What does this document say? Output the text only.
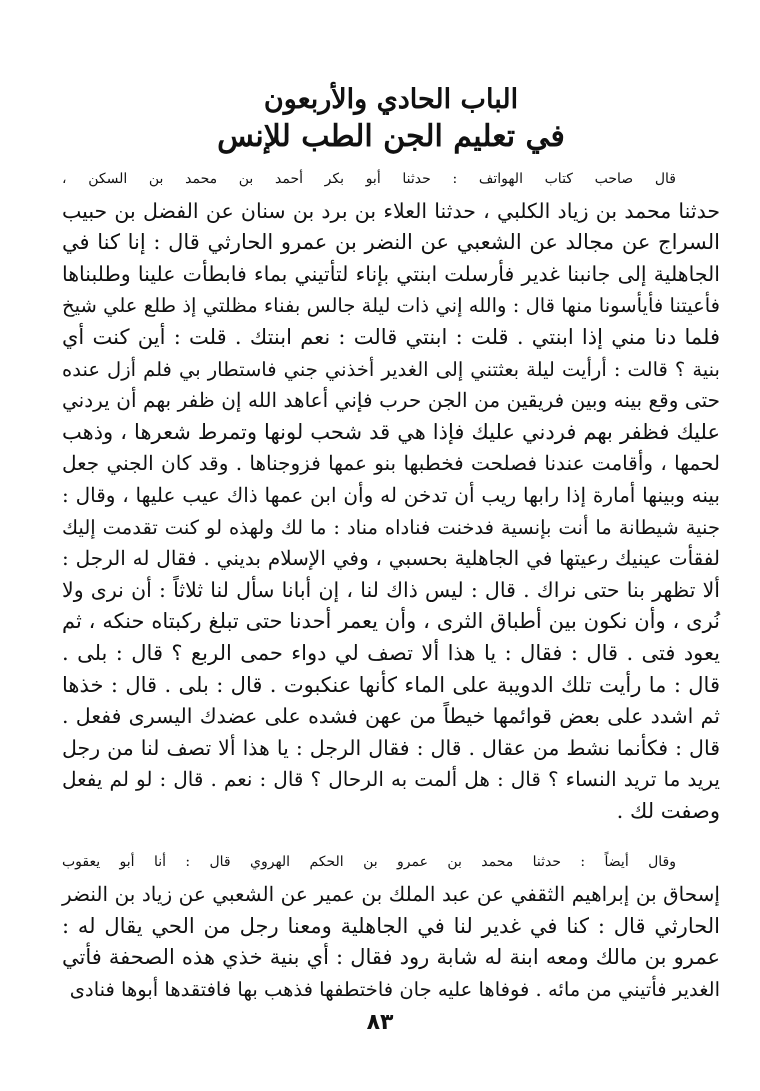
الباب الحادي والأربعون
في تعليم الجن الطب للإنس
قال صاحب كتاب الهواتف : حدثنا أبو بكر أحمد بن محمد بن السكن ،
حدثنا محمد بن زياد الكلبي ، حدثنا العلاء بن برد بن سنان عن الفضل بن حبيب
السراج عن مجالد عن الشعبي عن النضر بن عمرو الحارثي قال : إنا كنا في
الجاهلية إلى جانبنا غدير فأرسلت ابنتي بإناء لتأتيني بماء فابطأت علينا وطلبناها
فأعيتنا فأيأسونا منها قال : والله إني ذات ليلة جالس بفناء مظلتي إذ طلع علي شيخ
فلما دنا مني إذا ابنتي . قلت : ابنتي قالت : نعم ابنتك . قلت : أين كنت أي
بنية ؟ قالت : أرأيت ليلة بعثتني إلى الغدير أخذني جني فاستطار بي فلم أزل عنده
حتى وقع بينه وبين فريقين من الجن حرب فإني أعاهد الله إن ظفر بهم أن يردني
عليك فظفر بهم فردني عليك فإذا هي قد شحب لونها وتمرط شعرها ، وذهب
لحمها ، وأقامت عندنا فصلحت فخطبها بنو عمها فزوجناها . وقد كان الجني جعل
بينه وبينها أمارة إذا رابها ريب أن تدخن له وأن ابن عمها ذاك عيب عليها ، وقال :
جنية شيطانة ما أنت بإنسية فدخنت فناداه مناد : ما لك ولهذه لو كنت تقدمت إليك
لفقأت عينيك رعيتها في الجاهلية بحسبي ، وفي الإسلام بديني . فقال له الرجل :
ألا تظهر بنا حتى نراك . قال : ليس ذاك لنا ، إن أبانا سأل لنا ثلاثاً : أن نرى ولا
نُرى ، وأن نكون بين أطباق الثرى ، وأن يعمر أحدنا حتى تبلغ ركبتاه حنكه ، ثم
يعود فتى . قال : فقال : يا هذا ألا تصف لي دواء حمى الربع ؟ قال : بلى .
قال : ما رأيت تلك الدويبة على الماء كأنها عنكبوت . قال : بلى . قال : خذها
ثم اشدد على بعض قوائمها خيطاً من عهن فشده على عضدك اليسرى ففعل .
قال : فكأنما نشط من عقال . قال : فقال الرجل : يا هذا ألا تصف لنا من رجل
يريد ما تريد النساء ؟ قال : هل ألمت به الرحال ؟ قال : نعم . قال : لو لم يفعل
وصفت لك .
وقال أيضاً : حدثنا محمد بن عمرو بن الحكم الهروي قال : أنا أبو يعقوب
إسحاق بن إبراهيم الثقفي عن عبد الملك بن عمير عن الشعبي عن زياد بن النضر
الحارثي قال : كنا في غدير لنا في الجاهلية ومعنا رجل من الحي يقال له :
عمرو بن مالك ومعه ابنة له شابة رود فقال : أي بنية خذي هذه الصحفة فأتي
الغدير فأتيني من مائه . فوفاها عليه جان فاختطفها فذهب بها فافتقدها أبوها فنادى
٨٣
